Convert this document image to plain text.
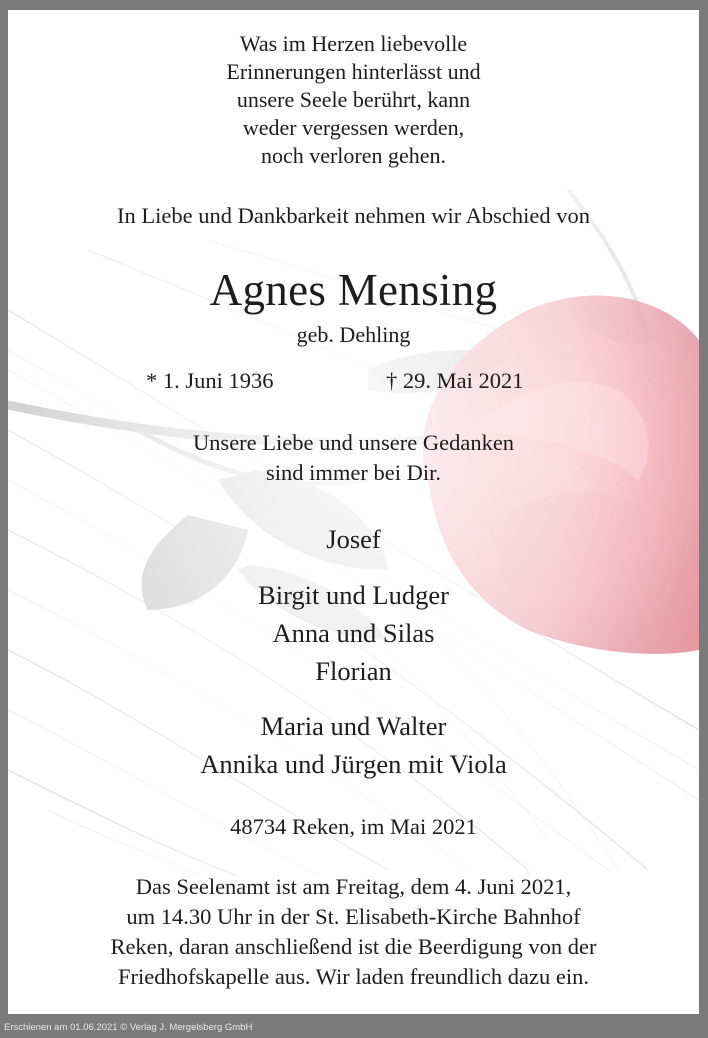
Was im Herzen liebevolle
Erinnerungen hinterlässt und
unsere Seele berührt, kann
weder vergessen werden,
noch verloren gehen.

In Liebe und Dankbarkeit nehmen wir Abschied von

Agnes Mensing

geb. Dehling

* 1. Juni 1936	† 29. Mai 2021
Unsere Liebe und unsere Gedanken
sind immer bei Dir.
Josef
Birgit und Ludger
Anna und Silas
Florian
Maria und Walter
Annika und Jürgen mit Viola

48734 Reken, im Mai 2021

Das Seelenamt ist am Freitag, dem 4. Juni 2021,
um 14.30 Uhr in der St. Elisabeth-Kirche Bahnhof
Reken, daran anschließend ist die Beerdigung von der
Friedhofskapelle aus. Wir laden freundlich dazu ein.
Erschienen am 01.06.2021 © Verlag J. Mergelsberg GmbH
